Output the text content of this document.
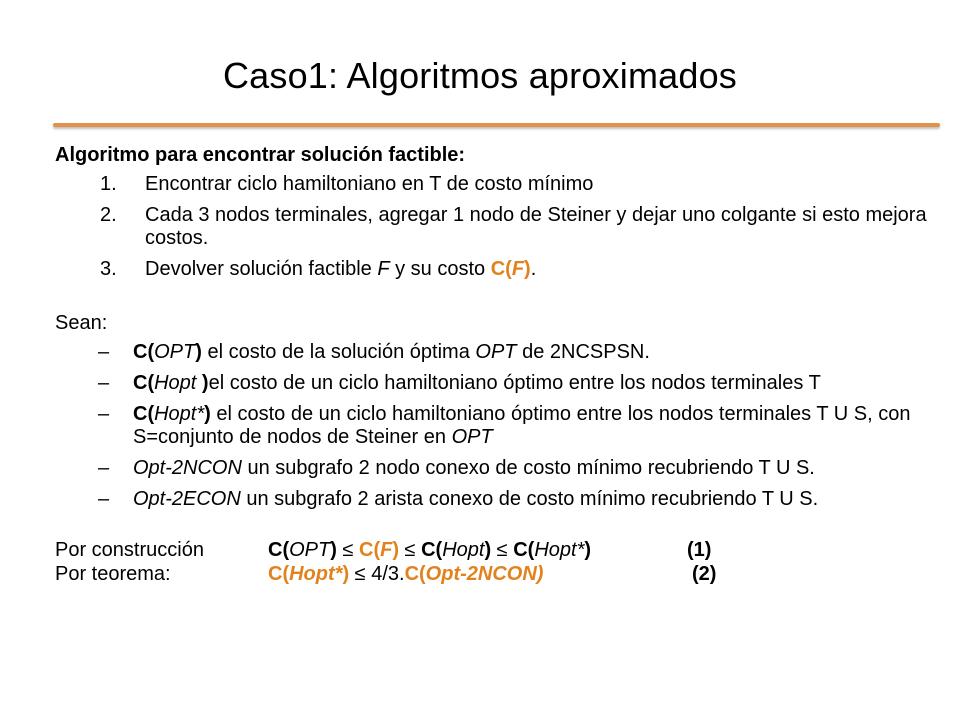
Caso1: Algoritmos aproximados
Algoritmo para encontrar solución factible:
1. Encontrar ciclo hamiltoniano en T de costo mínimo
2. Cada 3 nodos terminales, agregar 1 nodo de Steiner y dejar uno colgante si esto mejora costos.
3. Devolver solución factible F y su costo C(F).
Sean:
– C(OPT) el costo de la solución óptima OPT de 2NCSPSN.
– C(Hopt )el costo de un ciclo hamiltoniano óptimo entre los nodos terminales T
– C(Hopt*) el costo de un ciclo hamiltoniano óptimo entre los nodos terminales T U S, con S=conjunto de nodos de Steiner en OPT
– Opt-2NCON un subgrafo 2 nodo conexo de costo mínimo recubriendo T U S.
– Opt-2ECON un subgrafo 2 arista conexo de costo mínimo recubriendo T U S.
Por construcción	C(OPT) ≤ C(F) ≤ C(Hopt) ≤ C(Hopt*)	(1)
Por teorema:	C(Hopt*) ≤ 4/3.C(Opt-2NCON)	(2)
